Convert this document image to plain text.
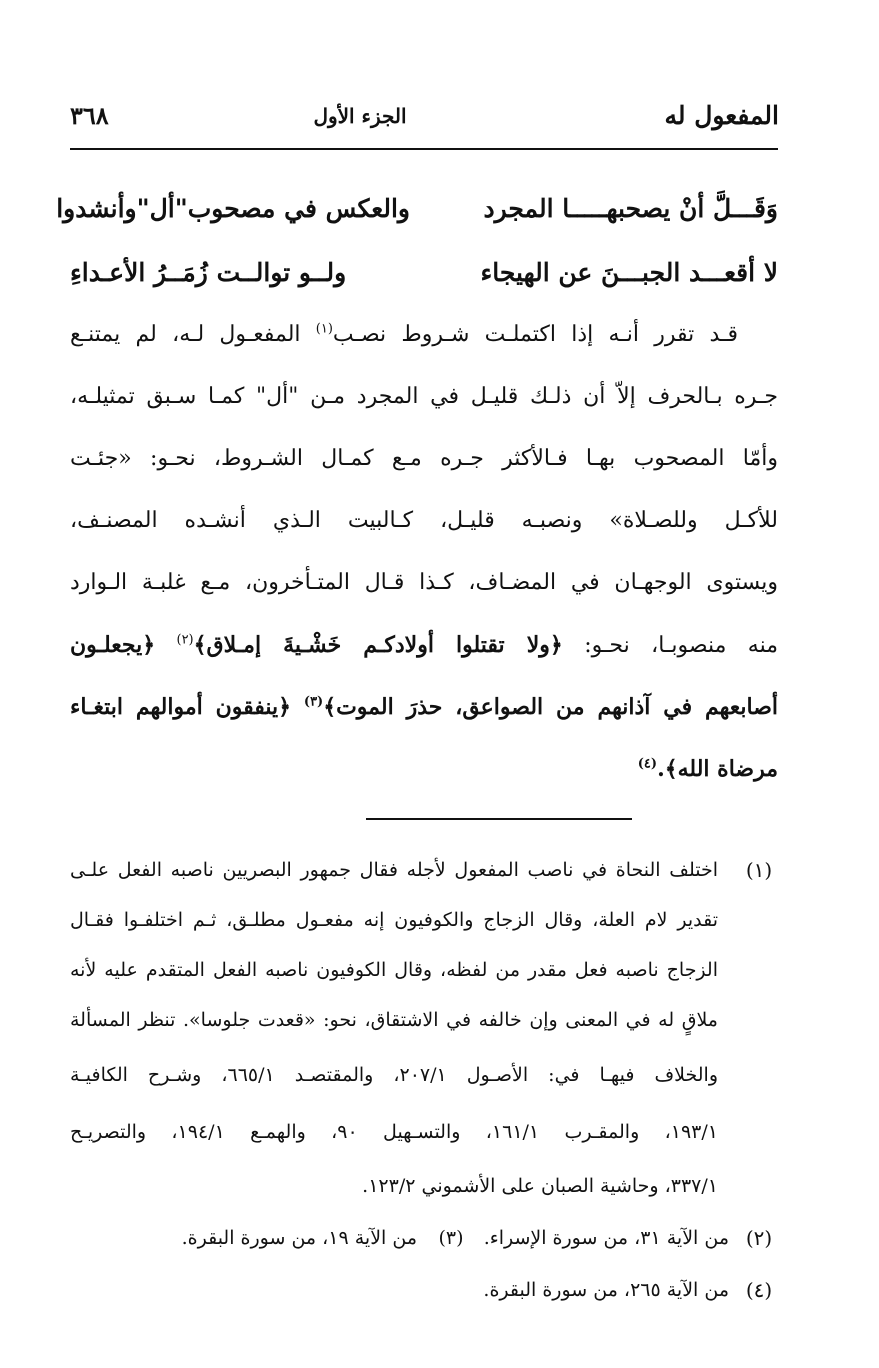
المفعول له
الجزء الأول
٣٦٨
وَقَـــلَّ أنْ يصحبهـــــا المجرد
والعكس في مصحوب"أل"وأنشدوا
لا أقعـــد الجبـــنَ عن الهيجاء
ولــو توالــت زُمَــرُ الأعـداءِ
قـد تقرر أنـه إذا اكتملـت شـروط نصـب$^{(١)}$ المفعـول لـه، لم يمتنـع
جـره بـالحرف إلاّ أن ذلـك قليـل في المجرد مـن "أل" كمـا سـبق تمثيلـه،
وأمّا المصحوب بهـا فـالأكثر جـره مـع كمـال الشـروط، نحـو: «جئـت
للأكـل وللصـلاة» ونصبـه قليـل، كـالبيت الـذي أنشـده المصنـف،
ويستوى الوجهـان في المضـاف، كـذا قـال المتـأخرون، مـع غلبـة الـوارد
منه منصوبـا، نحـو: ﴿ولا تقتلوا أولادكـم خَشْـيةَ إمـلاق﴾$^{(٢)}$ ﴿يجعلـون
أصابعهم في آذانهم من الصواعق، حذرَ الموت﴾$^{(٣)}$ ﴿ينفقون أموالهم ابتغـاء
مرضاة الله﴾.$^{(٤)}$
(١)
اختلف النحاة في ناصب المفعول لأجله فقال جمهور البصريين ناصبه الفعل علـى
تقدير لام العلة، وقال الزجاج والكوفيون إنه مفعـول مطلـق، ثـم اختلفـوا فقـال
الزجاج ناصبه فعل مقدر من لفظه، وقال الكوفيون ناصبه الفعل المتقدم عليه لأنه
ملاقٍ له في المعنى وإن خالفه في الاشتقاق، نحو: «قعدت جلوسا». تنظر المسألة
والخلاف فيهـا في: الأصـول ٢٠٧/١، والمقتصـد ٦٦٥/١، وشـرح الكافيـة
١٩٣/١، والمقـرب ١٦١/١، والتسـهيل ٩٠، والهمـع ١٩٤/١، والتصريـح
٣٣٧/١، وحاشية الصبان على الأشموني ١٢٣/٢.
(٢)
من الآية ٣١، من سورة الإسراء.
(٣)
من الآية ١٩، من سورة البقرة.
(٤)
من الآية ٢٦٥، من سورة البقرة.
